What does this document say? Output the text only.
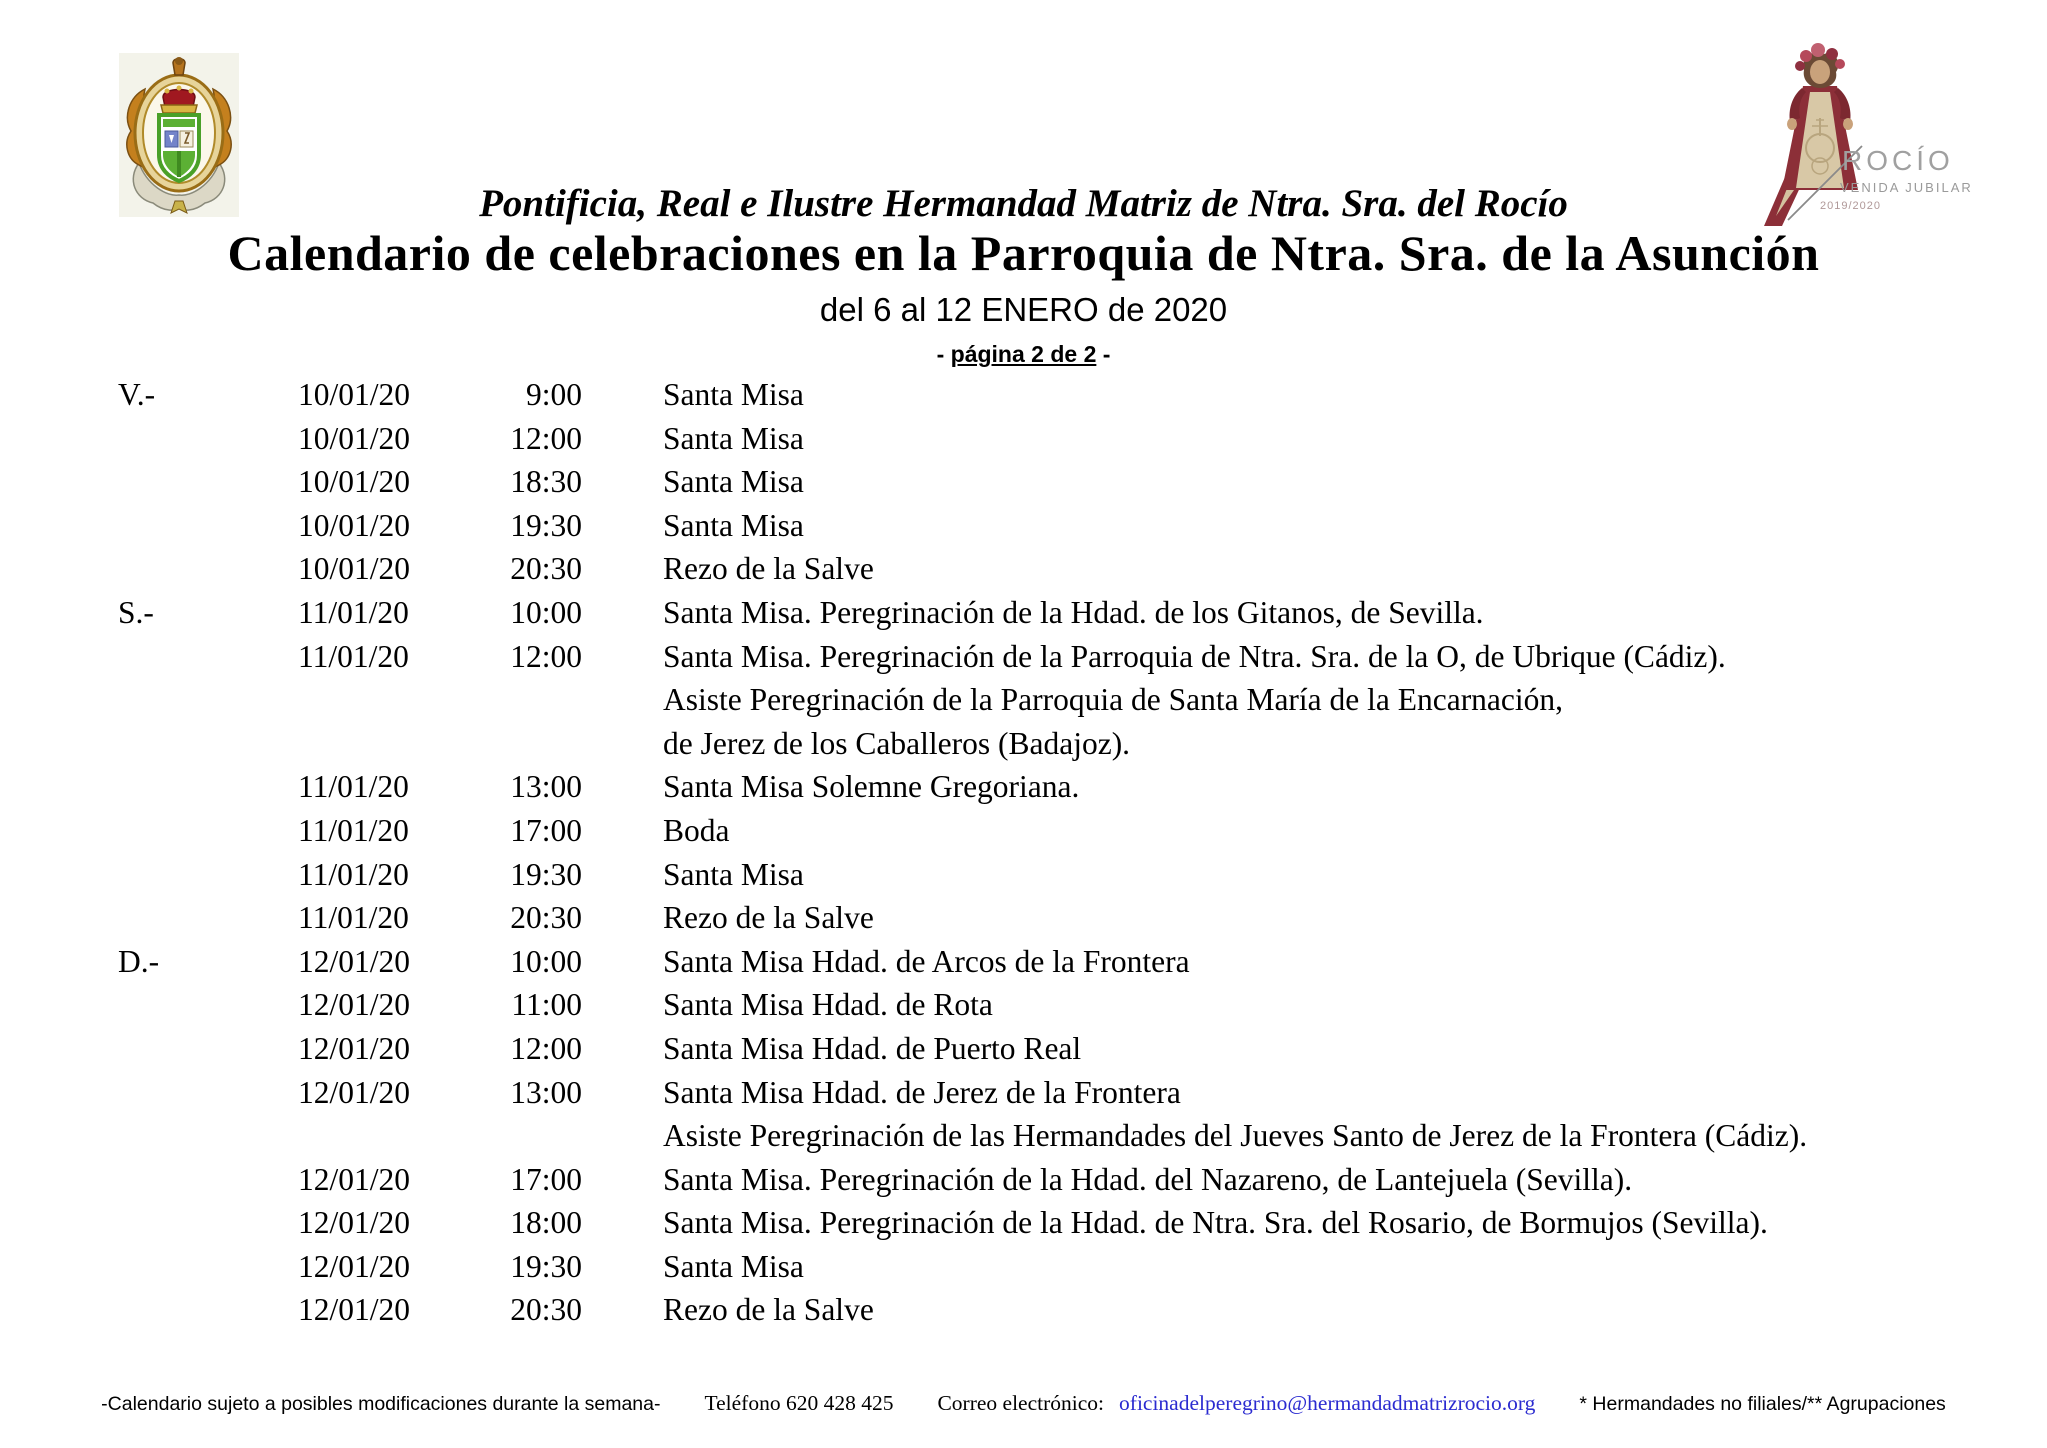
ROCÍO
VENIDA JUBILAR
2019/2020
Pontificia, Real e Ilustre Hermandad Matriz de Ntra. Sra. del Rocío
Calendario de celebraciones en la Parroquia de Ntra. Sra. de la Asunción
del 6 al 12 ENERO de 2020
- página 2 de 2 -
V.-	10/01/20	9:00	Santa Misa
10/01/20	12:00	Santa Misa
10/01/20	18:30	Santa Misa
10/01/20	19:30	Santa Misa
10/01/20	20:30	Rezo de la Salve
S.-	11/01/20	10:00	Santa Misa. Peregrinación de la Hdad. de los Gitanos, de Sevilla.
11/01/20	12:00	Santa Misa. Peregrinación de la Parroquia de Ntra. Sra. de la O, de Ubrique (Cádiz).
Asiste Peregrinación de la Parroquia de Santa María de la Encarnación,
de Jerez de los Caballeros (Badajoz).
11/01/20	13:00	Santa Misa Solemne Gregoriana.
11/01/20	17:00	Boda
11/01/20	19:30	Santa Misa
11/01/20	20:30	Rezo de la Salve
D.-	12/01/20	10:00	Santa Misa Hdad. de Arcos de la Frontera
12/01/20	11:00	Santa Misa Hdad. de Rota
12/01/20	12:00	Santa Misa Hdad. de Puerto Real
12/01/20	13:00	Santa Misa Hdad. de Jerez de la Frontera
Asiste Peregrinación de las Hermandades del Jueves Santo de Jerez de la Frontera (Cádiz).
12/01/20	17:00	Santa Misa. Peregrinación de la Hdad. del Nazareno, de Lantejuela (Sevilla).
12/01/20	18:00	Santa Misa. Peregrinación de la Hdad. de Ntra. Sra. del Rosario, de Bormujos (Sevilla).
12/01/20	19:30	Santa Misa
12/01/20	20:30	Rezo de la Salve
-Calendario sujeto a posibles modificaciones durante la semana- Teléfono 620 428 425 Correo electrónico: oficinadelperegrino@hermandadmatrizrocio.org * Hermandades no filiales/** Agrupaciones
